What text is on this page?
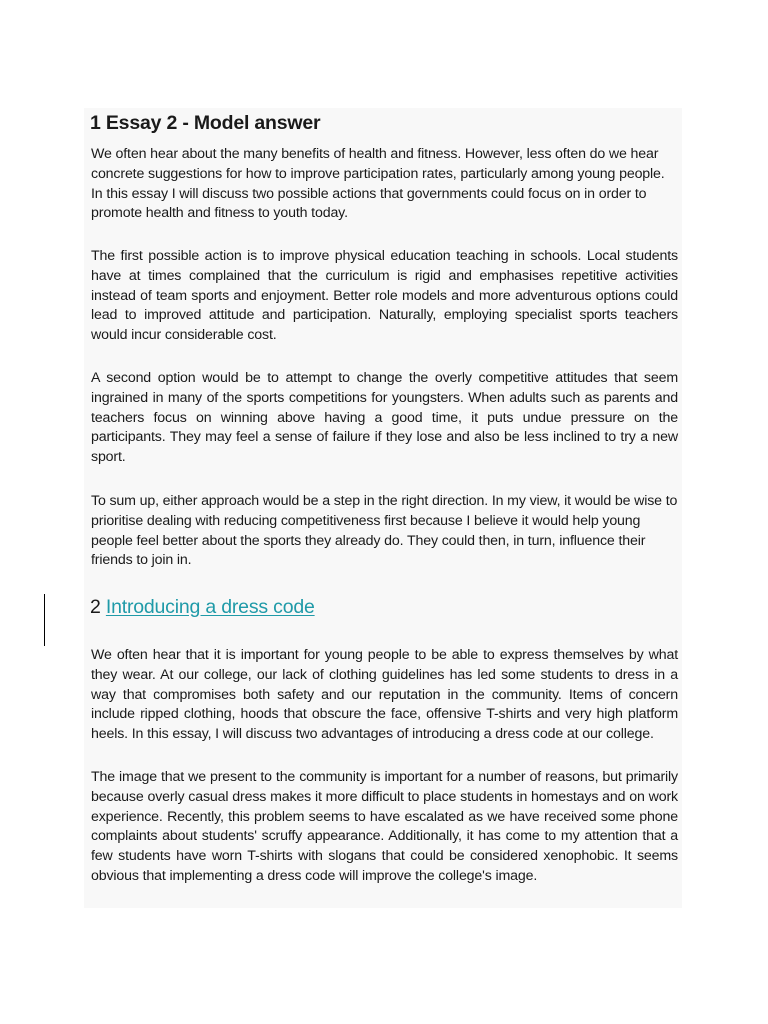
1 Essay 2 - Model answer

We often hear about the many benefits of health and fitness. However, less often do we hear concrete suggestions for how to improve participation rates, particularly among young people. In this essay I will discuss two possible actions that governments could focus on in order to promote health and fitness to youth today.

The first possible action is to improve physical education teaching in schools. Local students have at times complained that the curriculum is rigid and emphasises repetitive activities instead of team sports and enjoyment. Better role models and more adventurous options could lead to improved attitude and participation. Naturally, employing specialist sports teachers would incur considerable cost.

A second option would be to attempt to change the overly competitive attitudes that seem ingrained in many of the sports competitions for youngsters. When adults such as parents and teachers focus on winning above having a good time, it puts undue pressure on the participants. They may feel a sense of failure if they lose and also be less inclined to try a new sport.

To sum up, either approach would be a step in the right direction. In my view, it would be wise to prioritise dealing with reducing competitiveness first because I believe it would help young people feel better about the sports they already do. They could then, in turn, influence their friends to join in.

2 Introducing a dress code

We often hear that it is important for young people to be able to express themselves by what they wear. At our college, our lack of clothing guidelines has led some students to dress in a way that compromises both safety and our reputation in the community. Items of concern include ripped clothing, hoods that obscure the face, offensive T-shirts and very high platform heels. In this essay, I will discuss two advantages of introducing a dress code at our college.

The image that we present to the community is important for a number of reasons, but primarily because overly casual dress makes it more difficult to place students in homestays and on work experience. Recently, this problem seems to have escalated as we have received some phone complaints about students' scruffy appearance. Additionally, it has come to my attention that a few students have worn T-shirts with slogans that could be considered xenophobic. It seems obvious that implementing a dress code will improve the college's image.
